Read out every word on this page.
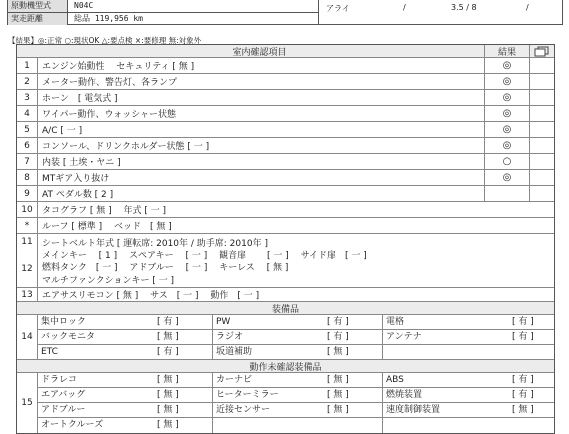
原動機型式	N04C
実走距離	総品 119,956 km
アライ	/	3.5 / 8	/
【結果】◎:正常 ○:現状OK △:要点検 ×:要修理 無:対象外
室内確認項目	結果
1	エンジン始動性　 セキュリティ [ 無 ]	◎
2	メーター動作、警告灯、各ランプ	◎
3	ホーン　[ 電気式 ]	◎
4	ワイパー動作、ウォッシャー状態	◎
5	A/C [ 一 ]	◎
6	コンソール、ドリンクホルダー状態 [ 一 ]	◎
7	内装 [ 土埃・ヤニ ]	○
8	MTギア入り抜け	◎
9	AT ペダル数 [ 2 ]
10	タコグラフ [ 無 ]　 年式 [ 一 ]
*	ルーフ [ 標準 ]　 ベッド　[ 無 ]
11	シートベルト年式 [ 運転席: 2010年 / 助手席: 2010年 ]
12
メインキー　 [ 1 ]　 スペアキー　 [ 一 ]　 観音扉　　 [ 一 ]　 サイド扉　[ 一 ]
燃料タンク　[ 一 ]　 アドブルー　 [ 一 ]　 キーレス　 [ 無 ]
マルチファンクションキー [ 一 ]
13	エアサスリモコン [ 無 ]　 サス　[ 一 ]　 動作　[ 一 ]
装備品
14
集中ロック	[ 有 ]	PW	[ 有 ]	電格	[ 有 ]
バックモニタ	[ 無 ]	ラジオ	[ 有 ]	アンテナ	[ 有 ]
ETC	[ 有 ]	坂道補助	[ 無 ]
動作未確認装備品
15
ドラレコ	[ 無 ]	カーナビ	[ 無 ]	ABS	[ 有 ]
エアバッグ	[ 無 ]	ヒーターミラー	[ 無 ]	燃焼装置	[ 有 ]
アドブルー	[ 無 ]	近接センサー	[ 無 ]	速度制御装置	[ 無 ]
オートクルーズ	[ 無 ]
